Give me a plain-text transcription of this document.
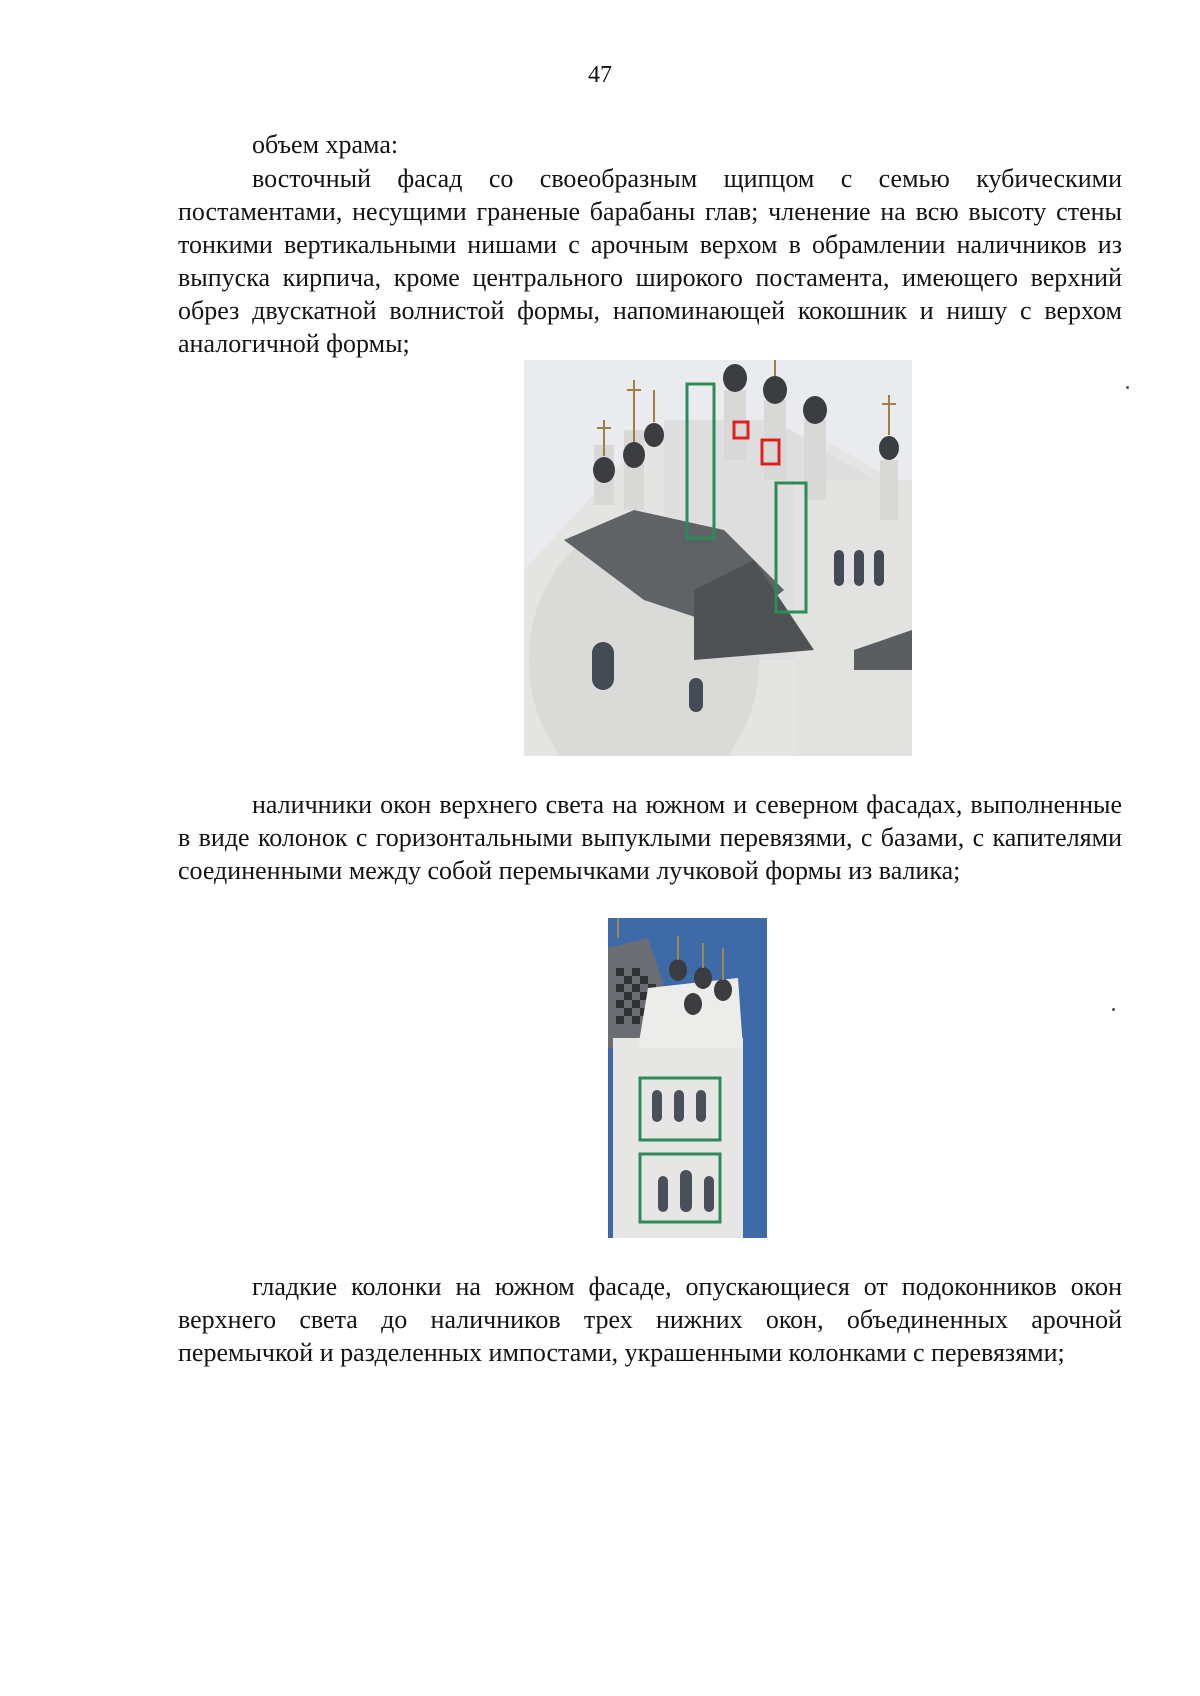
47

объем храма:

восточный фасад со своеобразным щипцом с семью кубическими постаментами, несущими граненые барабаны глав; членение на всю высоту стены тонкими вертикальными нишами с арочным верхом в обрамлении наличников из выпуска кирпича, кроме центрального широкого постамента, имеющего верхний обрез двускатной волнистой формы, напоминающей кокошник и нишу с верхом аналогичной формы;

наличники окон верхнего света на южном и северном фасадах, выполненные в виде колонок с горизонтальными выпуклыми перевязями, с базами, с капителями соединенными между собой перемычками лучковой формы из валика;

гладкие колонки на южном фасаде, опускающиеся от подоконников окон верхнего света до наличников трех нижних окон, объединенных арочной перемычкой и разделенных импостами, украшенными колонками с перевязями;
